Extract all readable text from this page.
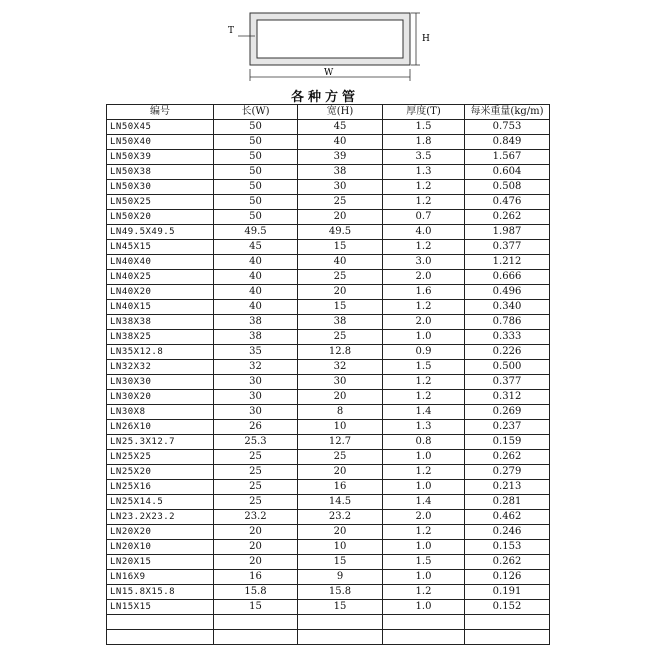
T
H
W
各种方管
编号	长(W)	宽(H)	厚度(T)	每米重量(kg/m)
LN50X45	50	45	1.5	0.753
LN50X40	50	40	1.8	0.849
LN50X39	50	39	3.5	1.567
LN50X38	50	38	1.3	0.604
LN50X30	50	30	1.2	0.508
LN50X25	50	25	1.2	0.476
LN50X20	50	20	0.7	0.262
LN49.5X49.5	49.5	49.5	4.0	1.987
LN45X15	45	15	1.2	0.377
LN40X40	40	40	3.0	1.212
LN40X25	40	25	2.0	0.666
LN40X20	40	20	1.6	0.496
LN40X15	40	15	1.2	0.340
LN38X38	38	38	2.0	0.786
LN38X25	38	25	1.0	0.333
LN35X12.8	35	12.8	0.9	0.226
LN32X32	32	32	1.5	0.500
LN30X30	30	30	1.2	0.377
LN30X20	30	20	1.2	0.312
LN30X8	30	8	1.4	0.269
LN26X10	26	10	1.3	0.237
LN25.3X12.7	25.3	12.7	0.8	0.159
LN25X25	25	25	1.0	0.262
LN25X20	25	20	1.2	0.279
LN25X16	25	16	1.0	0.213
LN25X14.5	25	14.5	1.4	0.281
LN23.2X23.2	23.2	23.2	2.0	0.462
LN20X20	20	20	1.2	0.246
LN20X10	20	10	1.0	0.153
LN20X15	20	15	1.5	0.262
LN16X9	16	9	1.0	0.126
LN15.8X15.8	15.8	15.8	1.2	0.191
LN15X15	15	15	1.0	0.152
